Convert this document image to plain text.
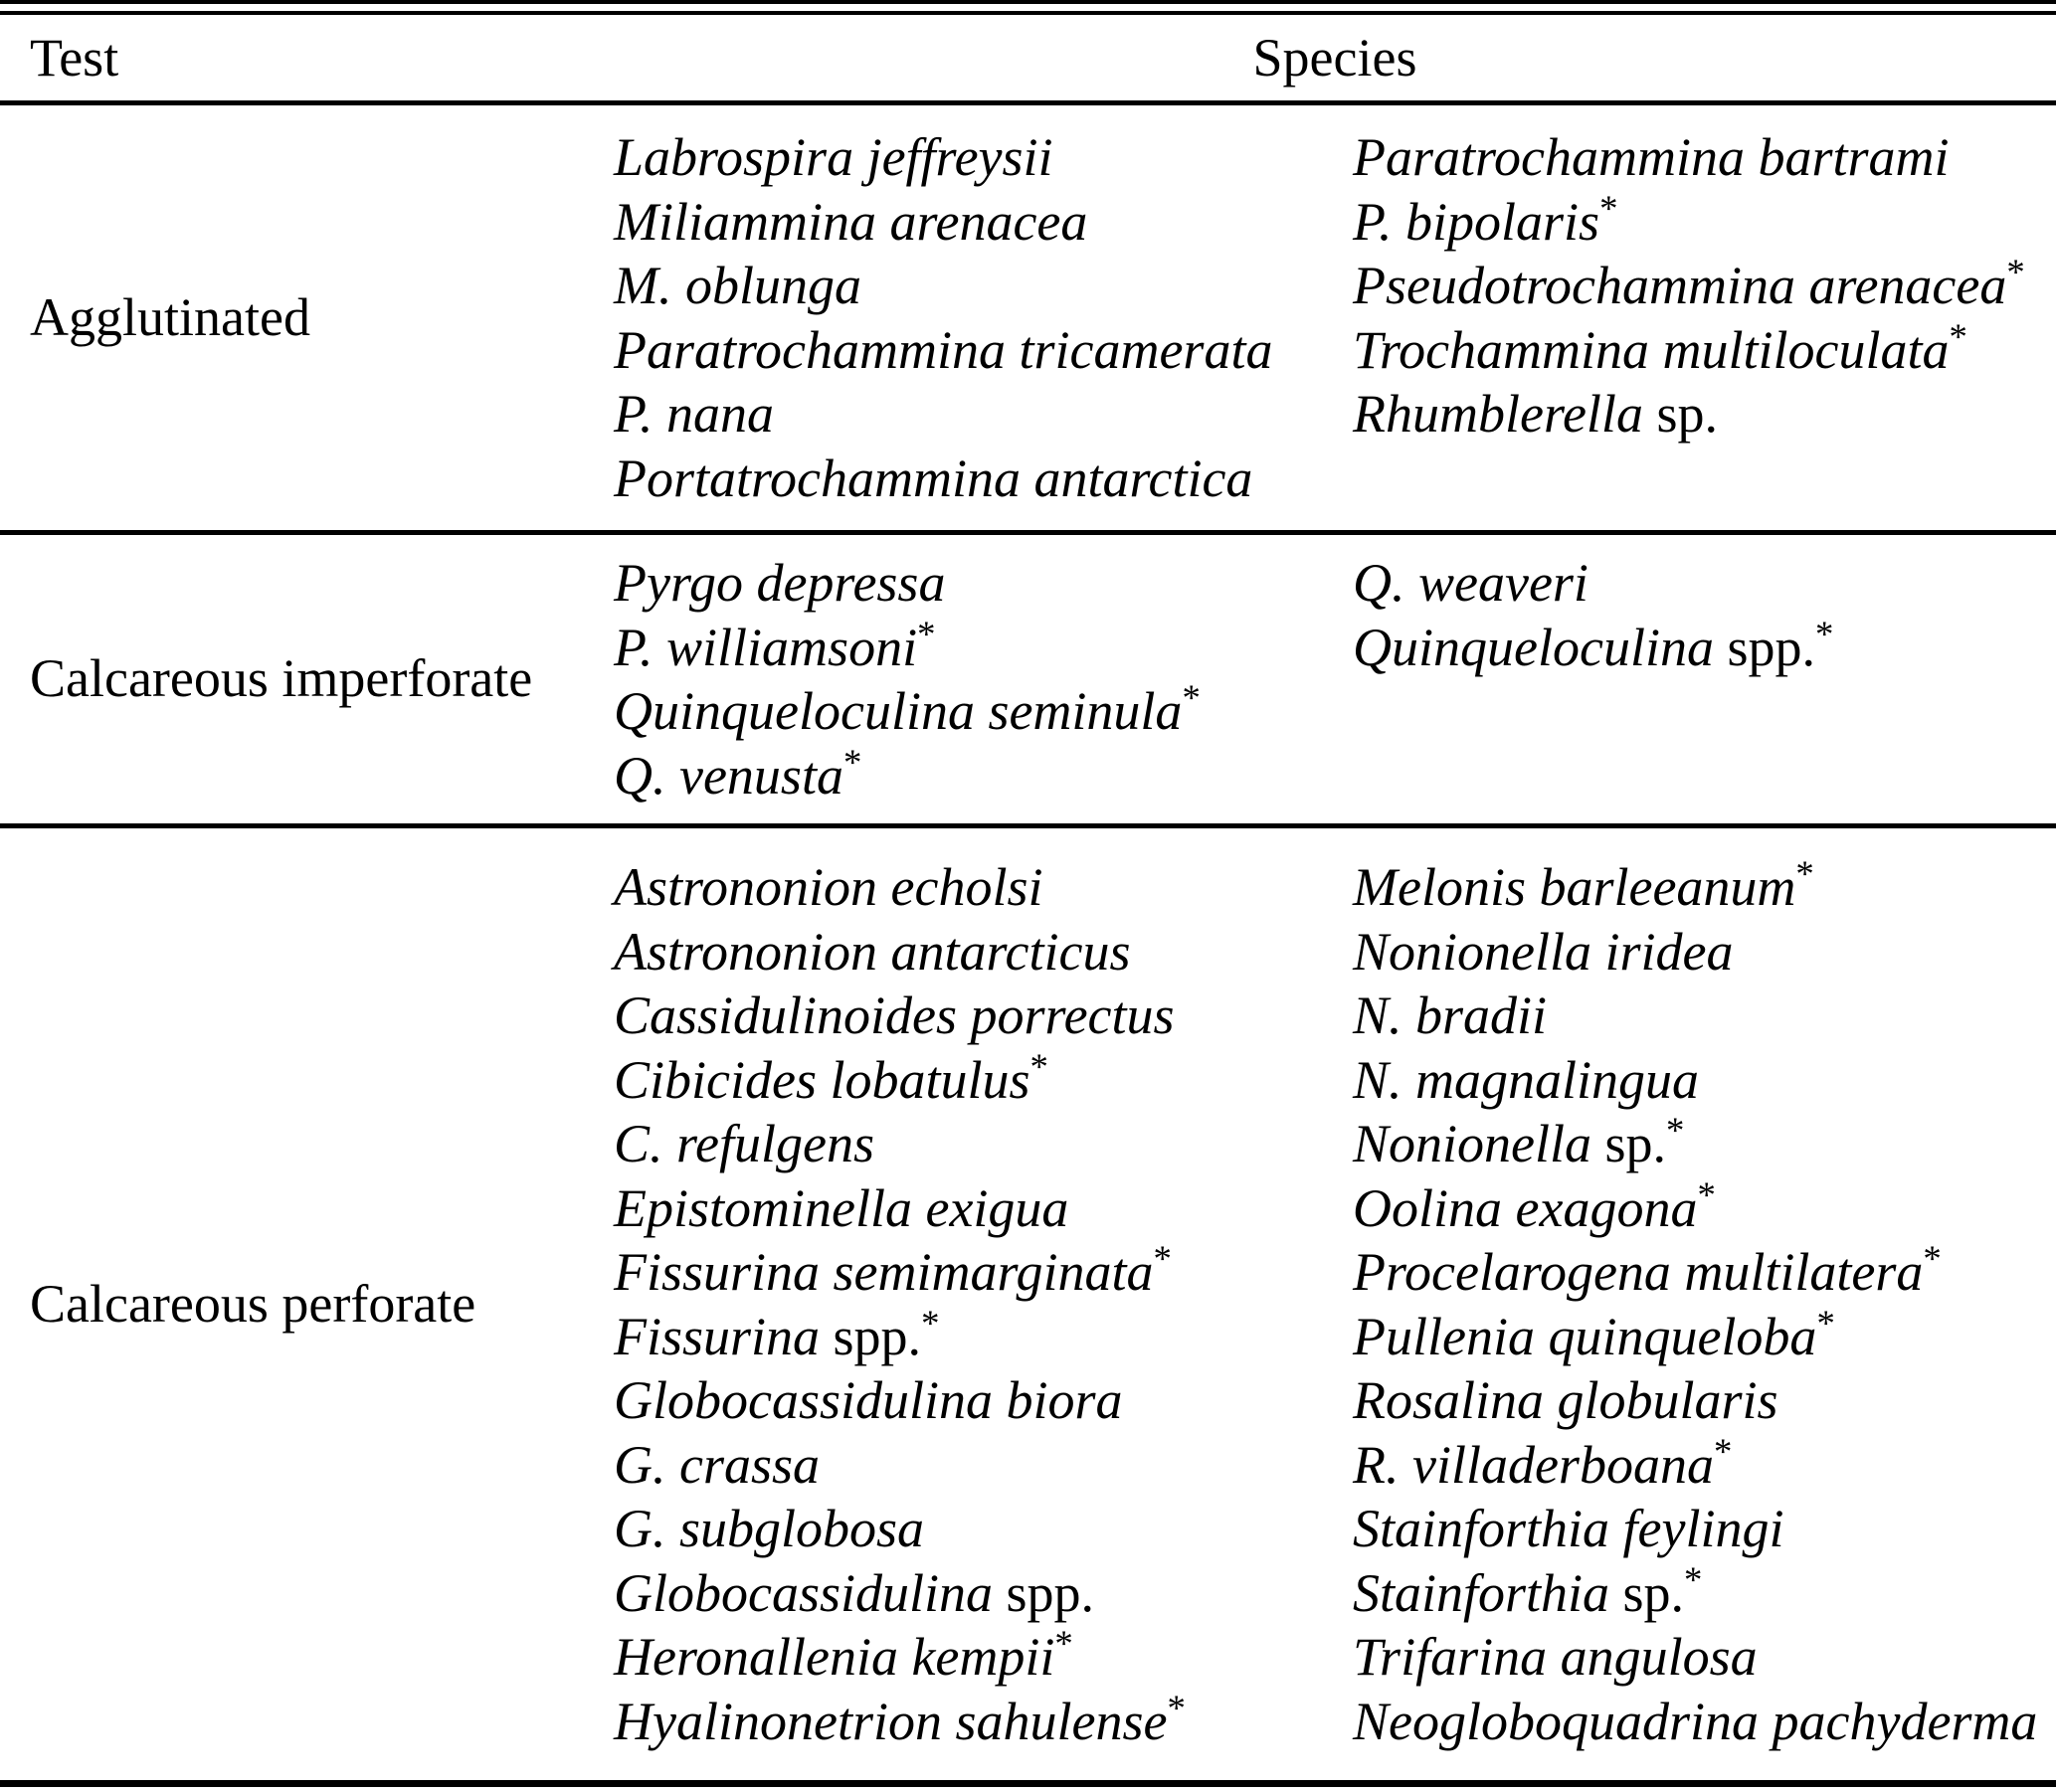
Test	Species
Agglutinated
Labrospira jeffreysii
Miliammina arenacea
M. oblunga
Paratrochammina tricamerata
P. nana
Portatrochammina antarctica
Paratrochammina bartrami
P. bipolaris*
Pseudotrochammina arenacea*
Trochammina multiloculata*
Rhumblerella sp.
Calcareous imperforate
Pyrgo depressa
P. williamsoni*
Quinqueloculina seminula*
Q. venusta*
Q. weaveri
Quinqueloculina spp.*
Calcareous perforate
Astrononion echolsi
Astrononion antarcticus
Cassidulinoides porrectus
Cibicides lobatulus*
C. refulgens
Epistominella exigua
Fissurina semimarginata*
Fissurina spp.*
Globocassidulina biora
G. crassa
G. subglobosa
Globocassidulina spp.
Heronallenia kempii*
Hyalinonetrion sahulense*
Melonis barleeanum*
Nonionella iridea
N. bradii
N. magnalingua
Nonionella sp.*
Oolina exagona*
Procelarogena multilatera*
Pullenia quinqueloba*
Rosalina globularis
R. villaderboana*
Stainforthia feylingi
Stainforthia sp.*
Trifarina angulosa
Neogloboquadrina pachyderma
